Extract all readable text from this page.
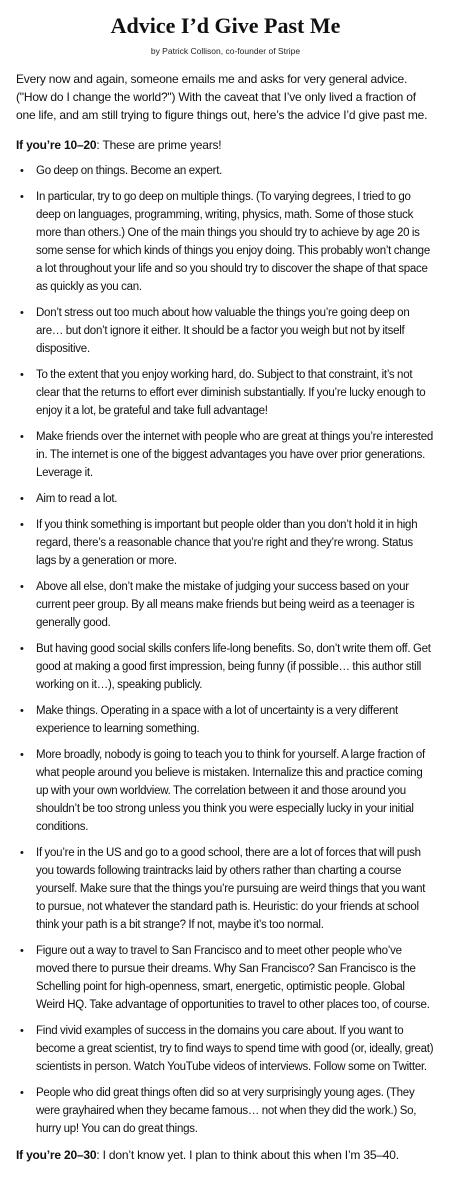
Advice I’d Give Past Me
by Patrick Collison, co-founder of Stripe

Every now and again, someone emails me and asks for very general advice. ("How do I change the world?") With the caveat that I’ve only lived a fraction of one life, and am still trying to figure things out, here’s the advice I’d give past me.

If you’re 10–20: These are prime years!

• Go deep on things. Become an expert.
• In particular, try to go deep on multiple things. (To varying degrees, I tried to go deep on languages, programming, writing, physics, math. Some of those stuck more than others.) One of the main things you should try to achieve by age 20 is some sense for which kinds of things you enjoy doing. This probably won’t change a lot throughout your life and so you should try to discover the shape of that space as quickly as you can.
• Don’t stress out too much about how valuable the things you’re going deep on are… but don’t ignore it either. It should be a factor you weigh but not by itself dispositive.
• To the extent that you enjoy working hard, do. Subject to that constraint, it’s not clear that the returns to effort ever diminish substantially. If you’re lucky enough to enjoy it a lot, be grateful and take full advantage!
• Make friends over the internet with people who are great at things you’re interested in. The internet is one of the biggest advantages you have over prior generations. Leverage it.
• Aim to read a lot.
• If you think something is important but people older than you don’t hold it in high regard, there’s a reasonable chance that you’re right and they’re wrong. Status lags by a generation or more.
• Above all else, don’t make the mistake of judging your success based on your current peer group. By all means make friends but being weird as a teenager is generally good.
• But having good social skills confers life-long benefits. So, don’t write them off. Get good at making a good first impression, being funny (if possible… this author still working on it…), speaking publicly.
• Make things. Operating in a space with a lot of uncertainty is a very different experience to learning something.
• More broadly, nobody is going to teach you to think for yourself. A large fraction of what people around you believe is mistaken. Internalize this and practice coming up with your own worldview. The correlation between it and those around you shouldn’t be too strong unless you think you were especially lucky in your initial conditions.
• If you’re in the US and go to a good school, there are a lot of forces that will push you towards following traintracks laid by others rather than charting a course yourself. Make sure that the things you’re pursuing are weird things that you want to pursue, not whatever the standard path is. Heuristic: do your friends at school think your path is a bit strange? If not, maybe it’s too normal.
• Figure out a way to travel to San Francisco and to meet other people who’ve moved there to pursue their dreams. Why San Francisco? San Francisco is the Schelling point for high-openness, smart, energetic, optimistic people. Global Weird HQ. Take advantage of opportunities to travel to other places too, of course.
• Find vivid examples of success in the domains you care about. If you want to become a great scientist, try to find ways to spend time with good (or, ideally, great) scientists in person. Watch YouTube videos of interviews. Follow some on Twitter.
• People who did great things often did so at very surprisingly young ages. (They were grayhaired when they became famous… not when they did the work.) So, hurry up! You can do great things.

If you’re 20–30: I don’t know yet. I plan to think about this when I’m 35–40.
